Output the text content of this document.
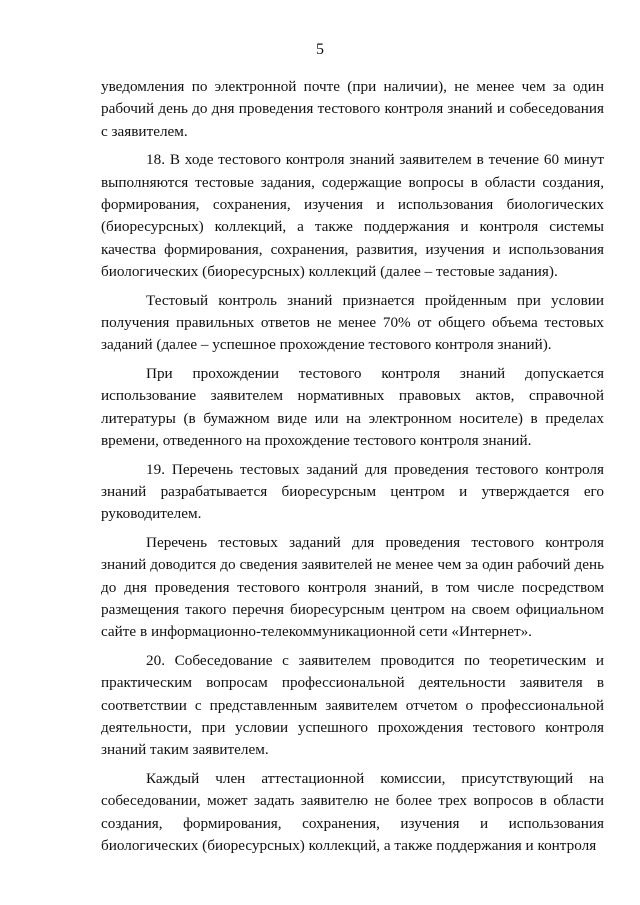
5

уведомления по электронной почте (при наличии), не менее чем за один рабочий день до дня проведения тестового контроля знаний и собеседования с заявителем.

18. В ходе тестового контроля знаний заявителем в течение 60 минут выполняются тестовые задания, содержащие вопросы в области создания, формирования, сохранения, изучения и использования биологических (биоресурсных) коллекций, а также поддержания и контроля системы качества формирования, сохранения, развития, изучения и использования биологических (биоресурсных) коллекций (далее – тестовые задания).

Тестовый контроль знаний признается пройденным при условии получения правильных ответов не менее 70% от общего объема тестовых заданий (далее – успешное прохождение тестового контроля знаний).

При прохождении тестового контроля знаний допускается использование заявителем нормативных правовых актов, справочной литературы (в бумажном виде или на электронном носителе) в пределах времени, отведенного на прохождение тестового контроля знаний.

19. Перечень тестовых заданий для проведения тестового контроля знаний разрабатывается биоресурсным центром и утверждается его руководителем.

Перечень тестовых заданий для проведения тестового контроля знаний доводится до сведения заявителей не менее чем за один рабочий день до дня проведения тестового контроля знаний, в том числе посредством размещения такого перечня биоресурсным центром на своем официальном сайте в информационно-телекоммуникационной сети «Интернет».

20. Собеседование с заявителем проводится по теоретическим и практическим вопросам профессиональной деятельности заявителя в соответствии с представленным заявителем отчетом о профессиональной деятельности, при условии успешного прохождения тестового контроля знаний таким заявителем.

Каждый член аттестационной комиссии, присутствующий на собеседовании, может задать заявителю не более трех вопросов в области создания, формирования, сохранения, изучения и использования биологических (биоресурсных) коллекций, а также поддержания и контроля
